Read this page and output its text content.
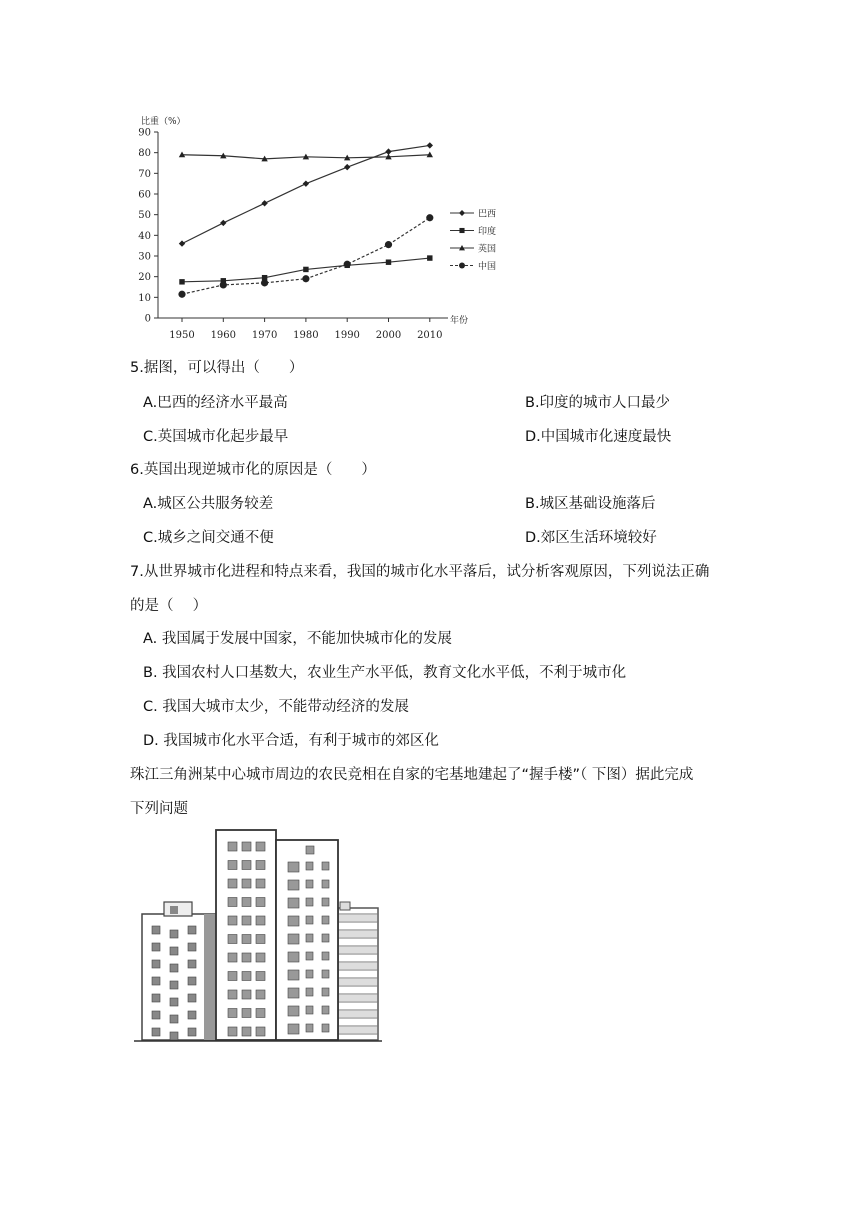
比重（%）
0
10
20
30
40
50
60
70
80
90
1950 1960 1970 1980 1990 2000 2010
年份
巴西
印度
英国
中国
5.据图，可以得出（　　）
A.巴西的经济水平最高	B.印度的城市人口最少
C.英国城市化起步最早	D.中国城市化速度最快
6.英国出现逆城市化的原因是（　　）
A.城区公共服务较差	B.城区基础设施落后
C.城乡之间交通不便	D.郊区生活环境较好
7.从世界城市化进程和特点来看，我国的城市化水平落后，试分析客观原因，下列说法正确
的是（　 ）
A. 我国属于发展中国家，不能加快城市化的发展
B. 我国农村人口基数大，农业生产水平低，教育文化水平低，不利于城市化
C. 我国大城市太少，不能带动经济的发展
D. 我国城市化水平合适，有利于城市的郊区化
珠江三角洲某中心城市周边的农民竞相在自家的宅基地建起了“握手楼”（ 下图）据此完成
下列问题
